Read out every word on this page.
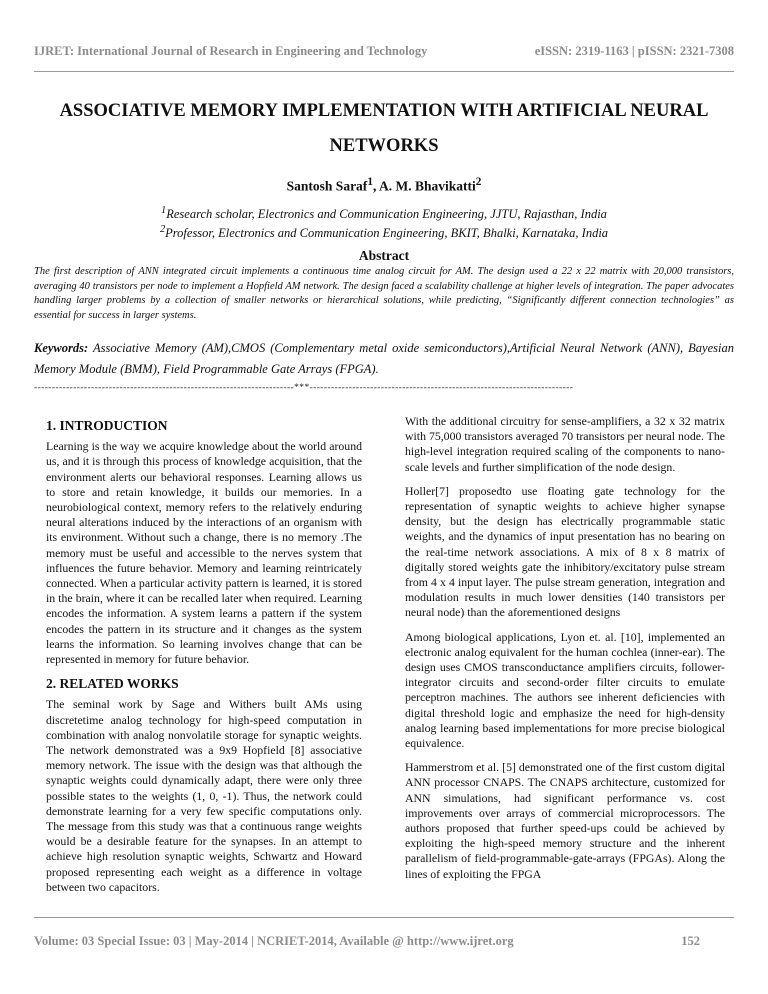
IJRET: International Journal of Research in Engineering and Technology	eISSN: 2319-1163 | pISSN: 2321-7308
ASSOCIATIVE MEMORY IMPLEMENTATION WITH ARTIFICIAL NEURAL NETWORKS
Santosh Saraf$^1$, A. M. Bhavikatti$^2$
$^1$Research scholar, Electronics and Communication Engineering, JJTU, Rajasthan, India
$^2$Professor, Electronics and Communication Engineering, BKIT, Bhalki, Karnataka, India
Abstract
The first description of ANN integrated circuit implements a continuous time analog circuit for AM. The design used a 22 x 22 matrix with 20,000 transistors, averaging 40 transistors per node to implement a Hopfield AM network. The design faced a scalability challenge at higher levels of integration. The paper advocates handling larger problems by a collection of smaller networks or hierarchical solutions, while predicting, “Significantly different connection technologies” as essential for success in larger systems.
Keywords: Associative Memory (AM),CMOS (Complementary metal oxide semiconductors),Artificial Neural Network (ANN), Bayesian Memory Module (BMM), Field Programmable Gate Arrays (FPGA).
-------------------------------------------------------------------------***--------------------------------------------------------------------------
1. INTRODUCTION

Learning is the way we acquire knowledge about the world around us, and it is through this process of knowledge acquisition, that the environment alerts our behavioral responses. Learning allows us to store and retain knowledge, it builds our memories. In a neurobiological context, memory refers to the relatively enduring neural alterations induced by the interactions of an organism with its environment. Without such a change, there is no memory .The memory must be useful and accessible to the nerves system that influences the future behavior. Memory and learning reintricately connected. When a particular activity pattern is learned, it is stored in the brain, where it can be recalled later when required. Learning encodes the information. A system learns a pattern if the system encodes the pattern in its structure and it changes as the system learns the information. So learning involves change that can be represented in memory for future behavior.

2. RELATED WORKS

The seminal work by Sage and Withers built AMs using discretetime analog technology for high-speed computation in combination with analog nonvolatile storage for synaptic weights. The network demonstrated was a 9x9 Hopfield [8] associative memory network. The issue with the design was that although the synaptic weights could dynamically adapt, there were only three possible states to the weights (1, 0, -1). Thus, the network could demonstrate learning for a very few specific computations only. The message from this study was that a continuous range weights would be a desirable feature for the synapses. In an attempt to achieve high resolution synaptic weights, Schwartz and Howard proposed representing each weight as a difference in voltage between two capacitors.

With the additional circuitry for sense-amplifiers, a 32 x 32 matrix with 75,000 transistors averaged 70 transistors per neural node. The high-level integration required scaling of the components to nano-scale levels and further simplification of the node design.

Holler[7] proposedto use floating gate technology for the representation of synaptic weights to achieve higher synapse density, but the design has electrically programmable static weights, and the dynamics of input presentation has no bearing on the real-time network associations. A mix of 8 x 8 matrix of digitally stored weights gate the inhibitory/excitatory pulse stream from 4 x 4 input layer. The pulse stream generation, integration and modulation results in much lower densities (140 transistors per neural node) than the aforementioned designs

Among biological applications, Lyon et. al. [10], implemented an electronic analog equivalent for the human cochlea (inner-ear). The design uses CMOS transconductance amplifiers circuits, follower-integrator circuits and second-order filter circuits to emulate perceptron machines. The authors see inherent deficiencies with digital threshold logic and emphasize the need for high-density analog learning based implementations for more precise biological equivalence.

Hammerstrom et al. [5] demonstrated one of the first custom digital ANN processor CNAPS. The CNAPS architecture, customized for ANN simulations, had significant performance vs. cost improvements over arrays of commercial microprocessors. The authors proposed that further speed-ups could be achieved by exploiting the high-speed memory structure and the inherent parallelism of field-programmable-gate-arrays (FPGAs). Along the lines of exploiting the FPGA

Volume: 03 Special Issue: 03 | May-2014 | NCRIET-2014, Available @ http://www.ijret.org	152
